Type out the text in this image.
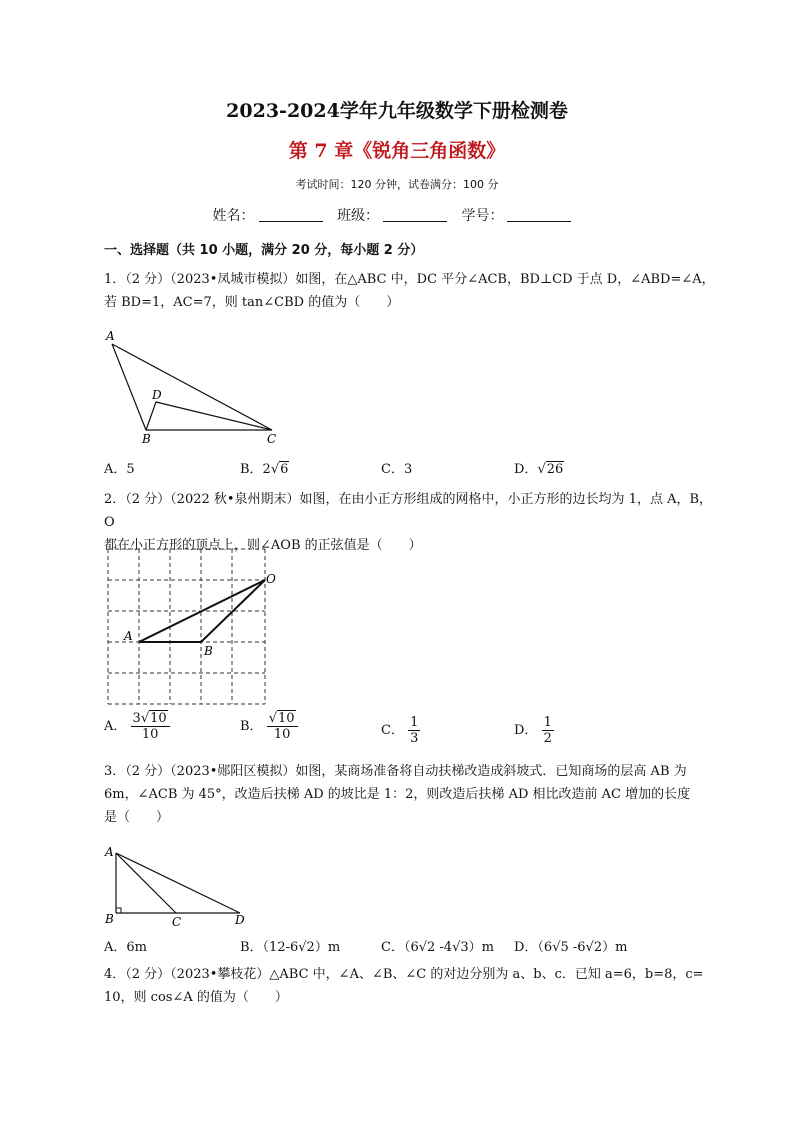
2023-2024学年九年级数学下册检测卷
第 7 章《锐角三角函数》
考试时间：120 分钟，试卷满分：100 分
姓名：	班级：	学号：
一、选择题（共 10 小题，满分 20 分，每小题 2 分）
1．（2 分）（2023•凤城市模拟）如图，在△ABC 中，DC 平分∠ACB，BD⊥CD 于点 D，∠ABD=∠A，
若 BD=1，AC=7，则 tan∠CBD 的值为（　　）
A
D
B	C
A．5	B．2√6	C．3	D．√26
2．（2 分）（2022 秋•泉州期末）如图，在由小正方形组成的网格中，小正方形的边长均为 1，点 A，B，O
都在小正方形的顶点上，则∠AOB 的正弦值是（　　）
A
B
O
A． $\frac{3√10}{10}$	B． $\frac{√10}{10}$	C． $\frac{1}{3}$	D． $\frac{1}{2}$
3．（2 分）（2023•郧阳区模拟）如图，某商场准备将自动扶梯改造成斜坡式．已知商场的层高 AB 为
6m，∠ACB 为 45°，改造后扶梯 AD 的坡比是 1：2，则改造后扶梯 AD 相比改造前 AC 增加的长度
是（　　）
A
B	C	D
A．6m	B．（12-6√2）m	C．（6√2 -4√3）m D．（6√5 -6√2）m
4．（2 分）（2023•攀枝花）△ABC 中，∠A、∠B、∠C 的对边分别为 a、b、c．已知 a=6，b=8，c=
10，则 cos∠A 的值为（　　）
